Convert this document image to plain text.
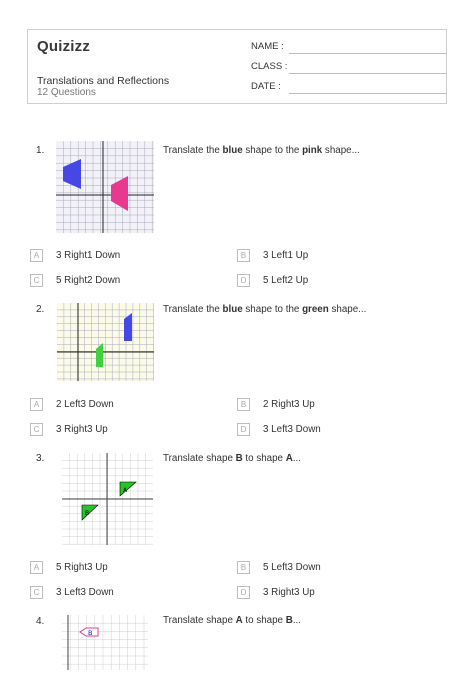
Quizizz
Translations and Reflections
12 Questions
NAME :
CLASS :
DATE :
1.	Translate the blue shape to the pink shape...
A 3 Right1 Down	B 3 Left1 Up
C 5 Right2 Down	D 5 Left2 Up
2.	Translate the blue shape to the green shape...
A 2 Left3 Down	B 2 Right3 Up
C 3 Right3 Up	D 3 Left3 Down
3.
A
B
Translate shape B to shape A...
A 5 Right3 Up	B 5 Left3 Down
C 3 Left3 Down	D 3 Right3 Up
4.
B
Translate shape A to shape B...
